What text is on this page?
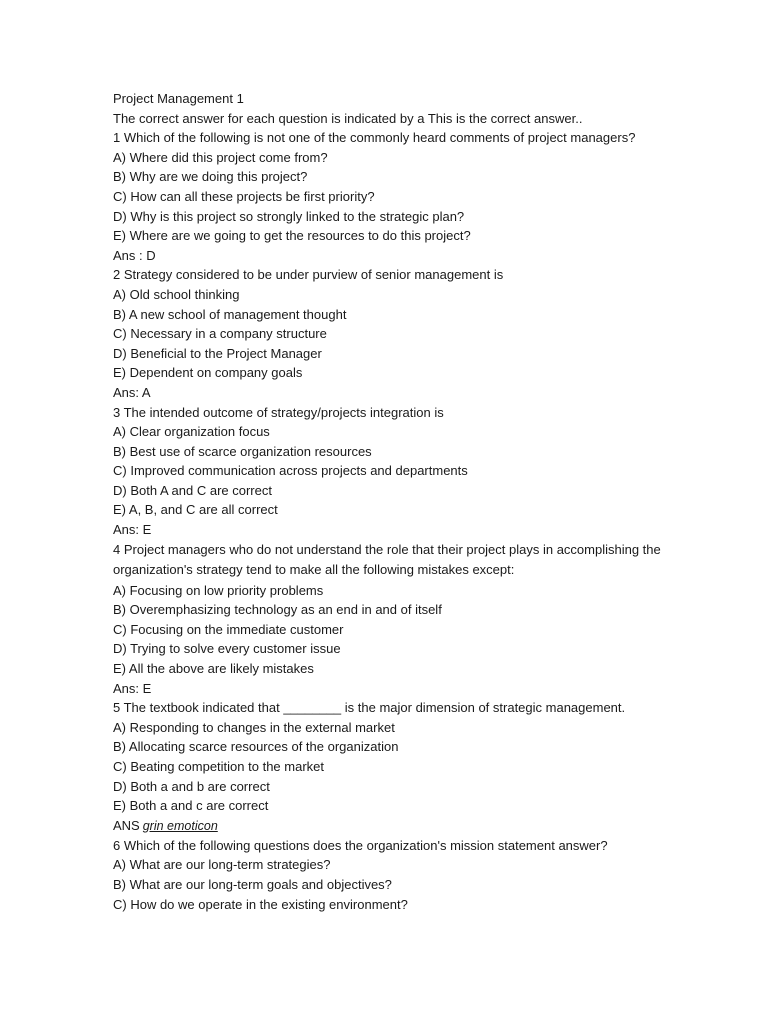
Project Management 1
The correct answer for each question is indicated by a This is the correct answer..
1 Which of the following is not one of the commonly heard comments of project managers?
A) Where did this project come from?
B) Why are we doing this project?
C) How can all these projects be first priority?
D) Why is this project so strongly linked to the strategic plan?
E) Where are we going to get the resources to do this project?
Ans : D
2 Strategy considered to be under purview of senior management is
A) Old school thinking
B) A new school of management thought
C) Necessary in a company structure
D) Beneficial to the Project Manager
E) Dependent on company goals
Ans: A
3 The intended outcome of strategy/projects integration is
A) Clear organization focus
B) Best use of scarce organization resources
C) Improved communication across projects and departments
D) Both A and C are correct
E) A, B, and C are all correct
Ans: E
4 Project managers who do not understand the role that their project plays in accomplishing the organization's strategy tend to make all the following mistakes except:
A) Focusing on low priority problems
B) Overemphasizing technology as an end in and of itself
C) Focusing on the immediate customer
D) Trying to solve every customer issue
E) All the above are likely mistakes
Ans: E
5 The textbook indicated that ________ is the major dimension of strategic management.
A) Responding to changes in the external market
B) Allocating scarce resources of the organization
C) Beating competition to the market
D) Both a and b are correct
E) Both a and c are correct
ANS grin emoticon
6 Which of the following questions does the organization's mission statement answer?
A) What are our long-term strategies?
B) What are our long-term goals and objectives?
C) How do we operate in the existing environment?
